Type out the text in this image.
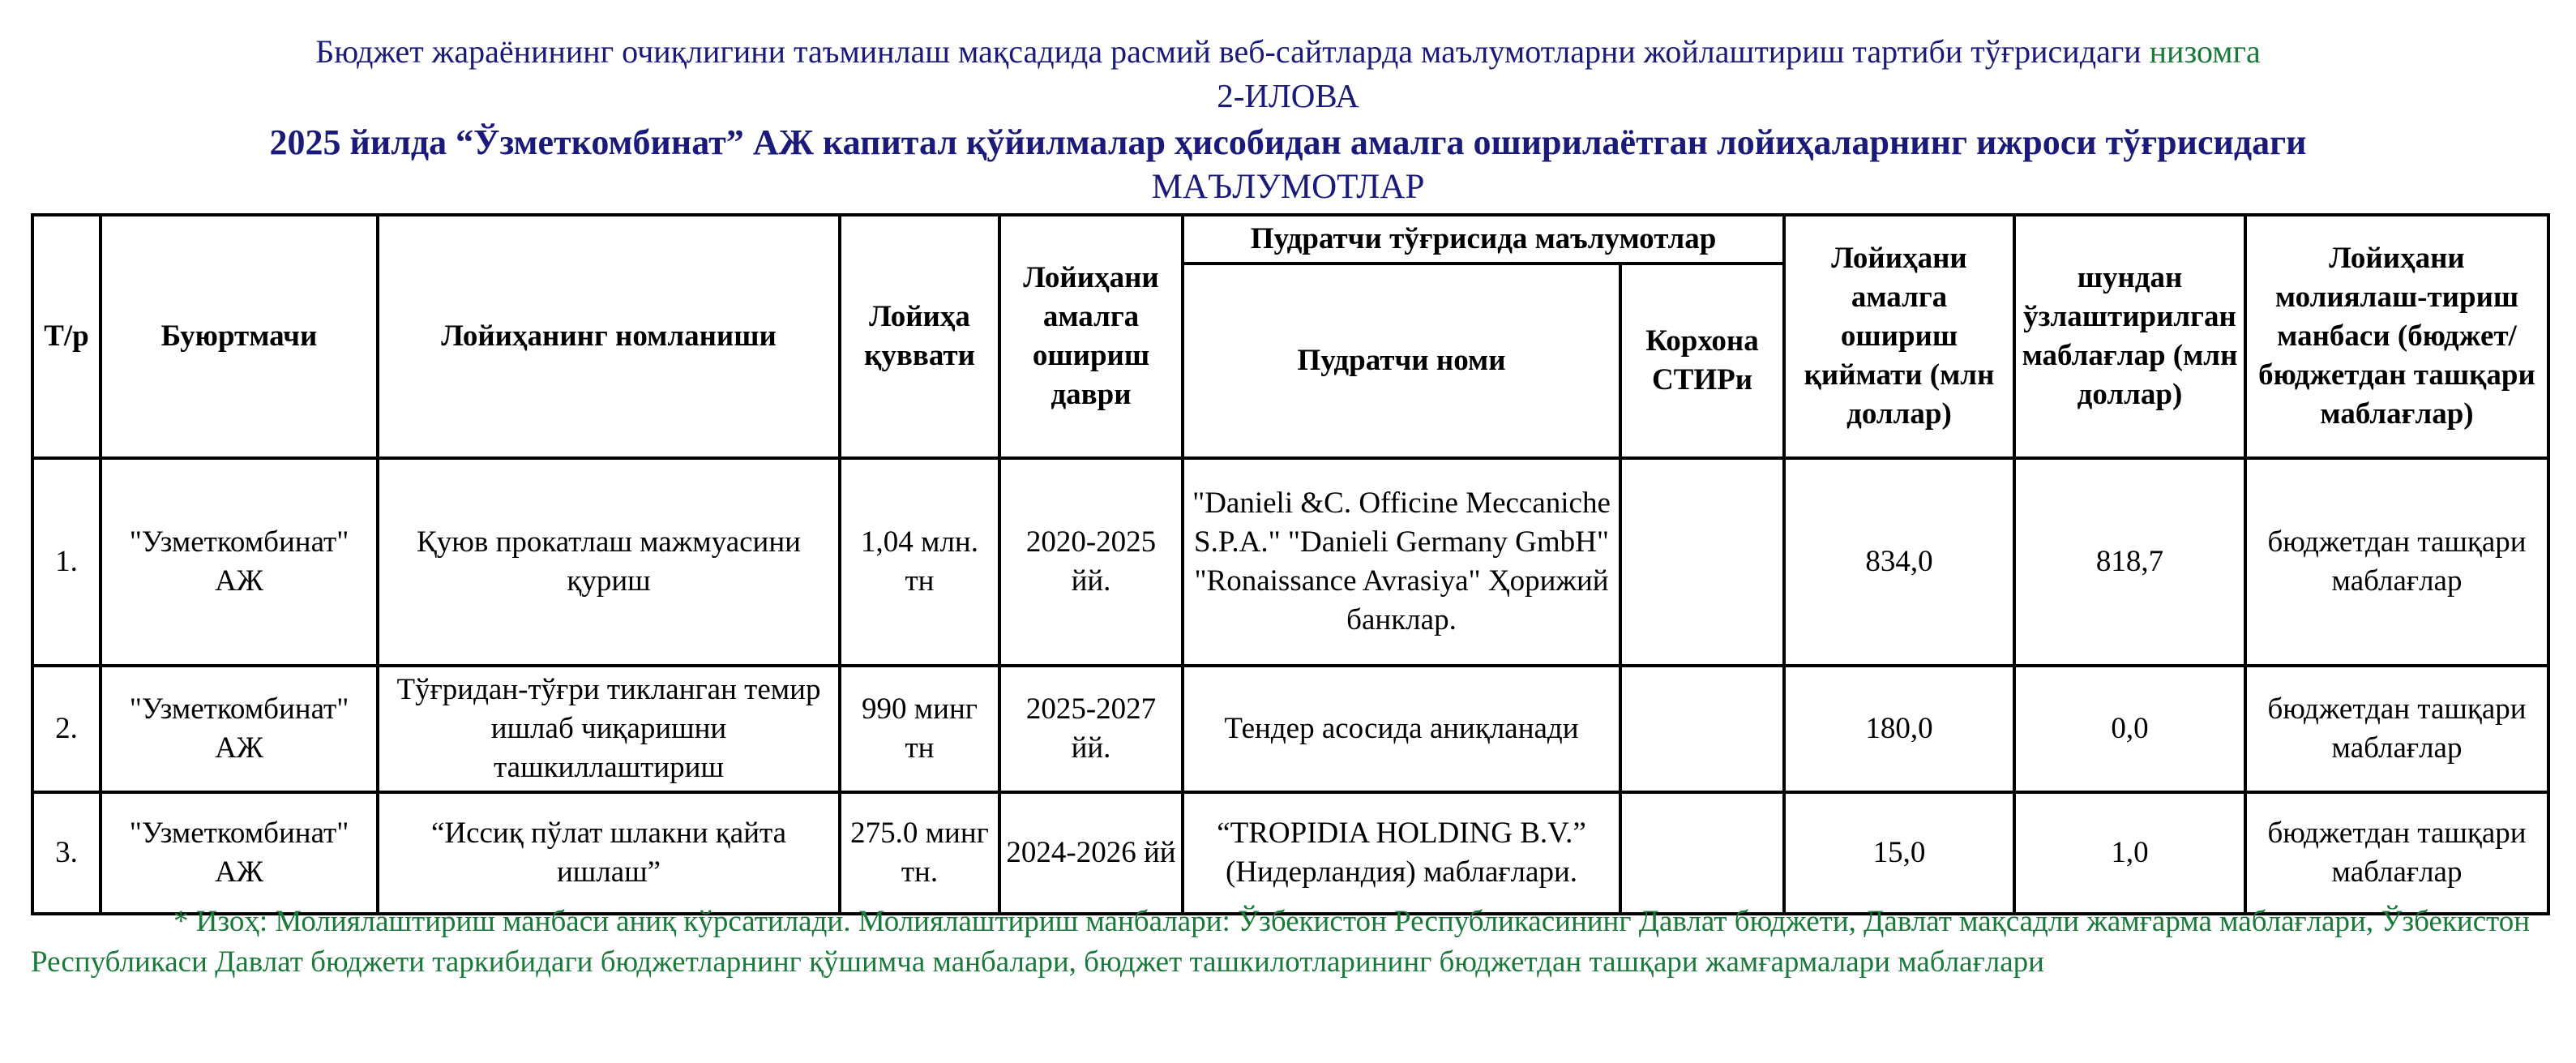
Бюджет жараёнининг очиқлигини таъминлаш мақсадида расмий веб-сайтларда маълумотларни жойлаштириш тартиби тўғрисидаги низомга
2-ИЛОВА
2025 йилда “Ўзметкомбинат” АЖ капитал қўйилмалар ҳисобидан амалга оширилаётган лойиҳаларнинг ижроси тўғрисидаги
МАЪЛУМОТЛАР
Т/р	Буюртмачи	Лойиҳанинг номланиши	Лойиҳа қуввати	Лойиҳани амалга ошириш даври	Пудратчи тўғрисида маълумотлар		Лойиҳани амалга ошириш қиймати (млн доллар)	шундан ўзлаштирилган маблағлар (млн доллар)	Лойиҳани молиялаш-тириш манбаси (бюджет/ бюджетдан ташқари маблағлар)
					Пудратчи номи	Корхона СТИРи			
1.	"Узметкомбинат" АЖ	Қуюв прокатлаш мажмуасини қуриш	1,04 млн. тн	2020-2025 йй.	"Danieli &C. Officine Meccaniche S.P.A." "Danieli Germany GmbH" "Ronaissance Avrasiya" Ҳорижий банклар.		834,0	818,7	бюджетдан ташқари маблағлар
2.	"Узметкомбинат" АЖ	Тўғридан-тўғри тикланган темир ишлаб чиқаришни ташкиллаштириш	990 минг тн	2025-2027 йй.	Тендер асосида аниқланади		180,0	0,0	бюджетдан ташқари маблағлар
3.	"Узметкомбинат" АЖ	“Иссиқ пўлат шлакни қайта ишлаш”	275.0 минг тн.	2024-2026 йй	“TROPIDIA HOLDING B.V.” (Нидерландия) маблағлари.		15,0	1,0	бюджетдан ташқари маблағлар
* Изоҳ: Молиялаштириш манбаси аниқ кўрсатилади. Молиялаштириш манбалари: Ўзбекистон Республикасининг Давлат бюджети, Давлат мақсадли жамғарма маблағлари, Ўзбекистон Республикаси Давлат бюджети таркибидаги бюджетларнинг қўшимча манбалари, бюджет ташкилотларининг бюджетдан ташқари жамғармалари маблағлари
